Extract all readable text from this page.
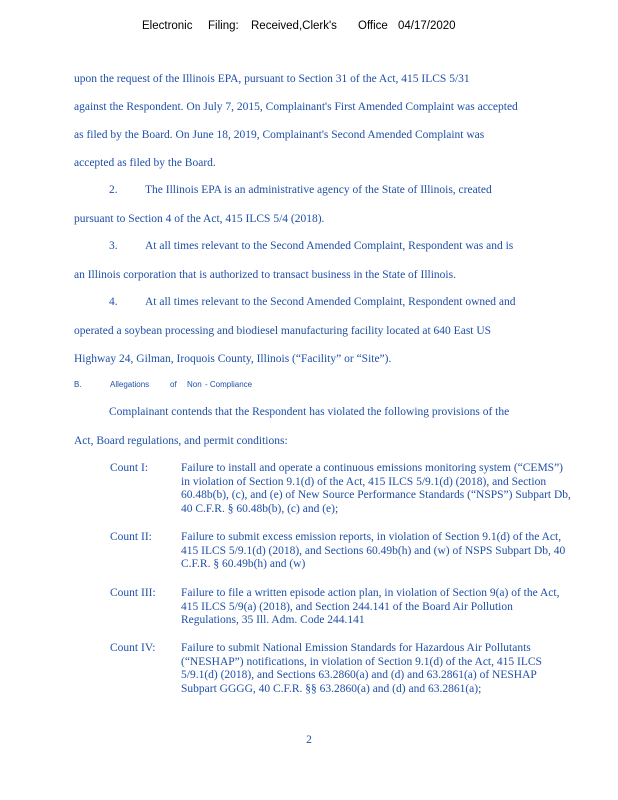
Electronic Filing: Received,Clerk's Office 04/17/2020
upon the request of the Illinois EPA, pursuant to Section 31 of the Act, 415 ILCS 5/31
against the Respondent. On July 7, 2015, Complainant's First Amended Complaint was accepted
as filed by the Board. On June 18, 2019, Complainant's Second Amended Complaint was
accepted as filed by the Board.
2. The Illinois EPA is an administrative agency of the State of Illinois, created
pursuant to Section 4 of the Act, 415 ILCS 5/4 (2018).
3. At all times relevant to the Second Amended Complaint, Respondent was and is
an Illinois corporation that is authorized to transact business in the State of Illinois.
4. At all times relevant to the Second Amended Complaint, Respondent owned and
operated a soybean processing and biodiesel manufacturing facility located at 640 East US
Highway 24, Gilman, Iroquois County, Illinois (“Facility” or “Site”).
B.	Allegations	of Non - Compliance
Complainant contends that the Respondent has violated the following provisions of the
Act, Board regulations, and permit conditions:
Count I:	Failure to install and operate a continuous emissions monitoring system (“CEMS”) in violation of Section 9.1(d) of the Act, 415 ILCS 5/9.1(d) (2018), and Section 60.48b(b), (c), and (e) of New Source Performance Standards (“NSPS”) Subpart Db, 40 C.F.R. § 60.48b(b), (c) and (e);
Count II:	Failure to submit excess emission reports, in violation of Section 9.1(d) of the Act, 415 ILCS 5/9.1(d) (2018), and Sections 60.49b(h) and (w) of NSPS Subpart Db, 40 C.F.R. § 60.49b(h) and (w)
Count III: Failure to file a written episode action plan, in violation of Section 9(a) of the Act, 415 ILCS 5/9(a) (2018), and Section 244.141 of the Board Air Pollution Regulations, 35 Ill. Adm. Code 244.141
Count IV: Failure to submit National Emission Standards for Hazardous Air Pollutants (“NESHAP”) notifications, in violation of Section 9.1(d) of the Act, 415 ILCS 5/9.1(d) (2018), and Sections 63.2860(a) and (d) and 63.2861(a) of NESHAP Subpart GGGG, 40 C.F.R. §§ 63.2860(a) and (d) and 63.2861(a);
2
